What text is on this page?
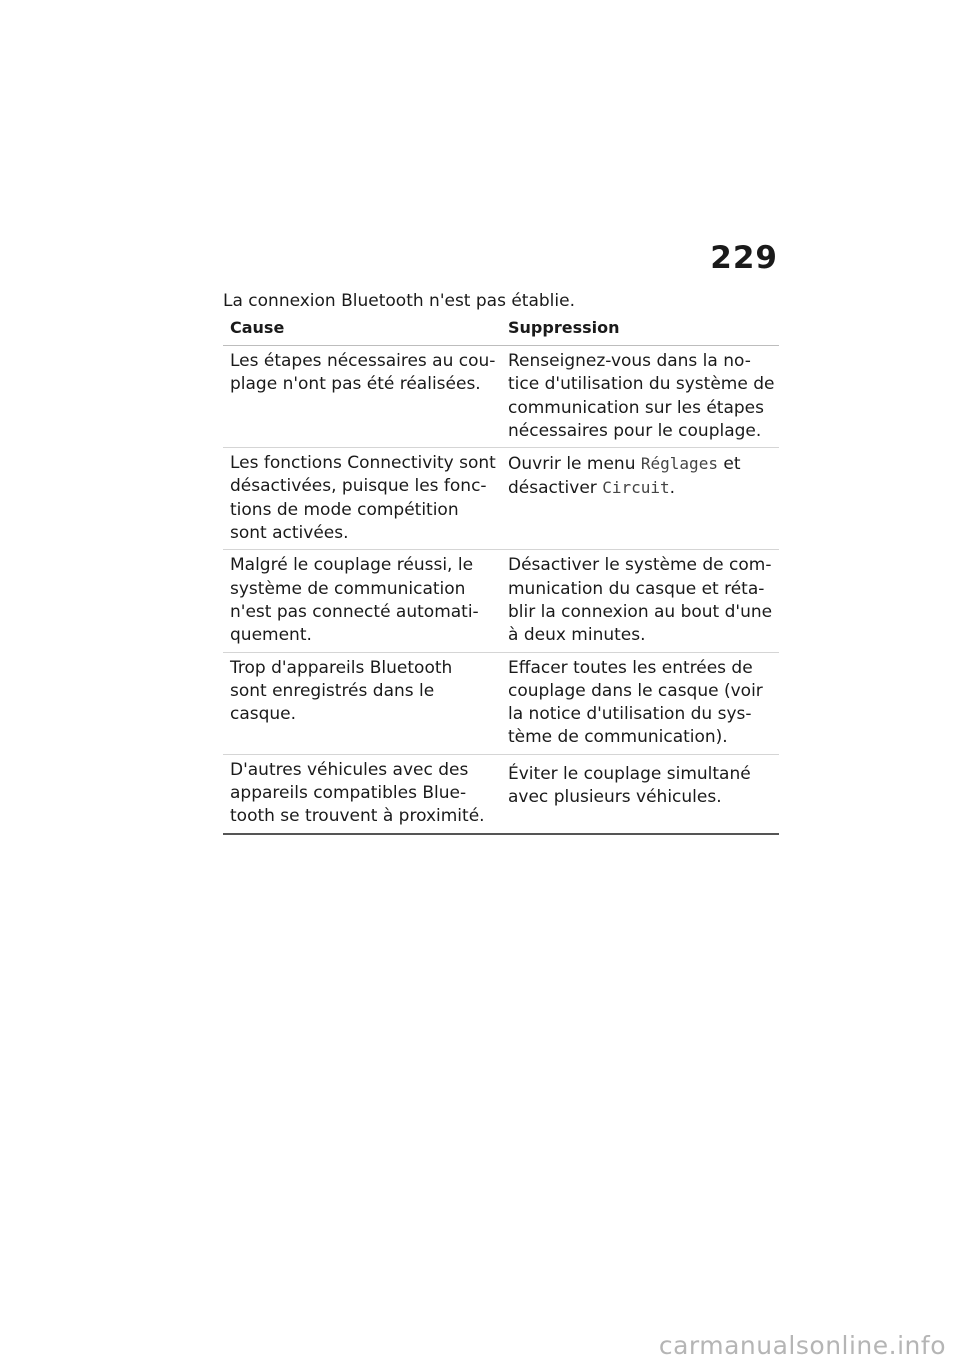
229
La connexion Bluetooth n'est pas établie.
Cause	Suppression
Les étapes nécessaires au cou-
plage n'ont pas été réalisées.
Renseignez-vous dans la no-
tice d'utilisation du système de
communication sur les étapes
nécessaires pour le couplage.
Les fonctions Connectivity sont
désactivées, puisque les fonc-
tions de mode compétition
sont activées.
Ouvrir le menu Réglages et
désactiver Circuit.
Malgré le couplage réussi, le
système de communication
n'est pas connecté automati-
quement.
Désactiver le système de com-
munication du casque et réta-
blir la connexion au bout d'une
à deux minutes.
Trop d'appareils Bluetooth
sont enregistrés dans le
casque.
Effacer toutes les entrées de
couplage dans le casque (voir
la notice d'utilisation du sys-
tème de communication).
D'autres véhicules avec des
appareils compatibles Blue-
tooth se trouvent à proximité.
Éviter le couplage simultané
avec plusieurs véhicules.
carmanualsonline.info
